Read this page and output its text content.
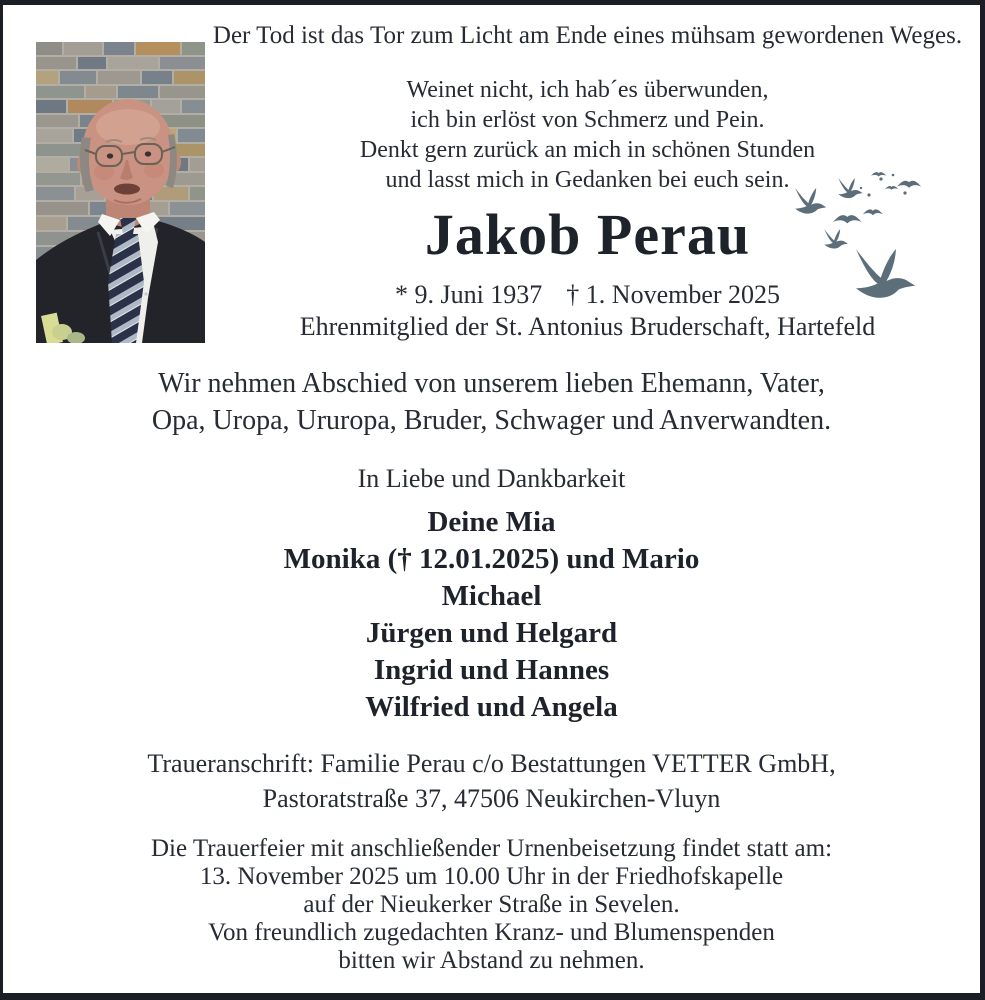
Der Tod ist das Tor zum Licht am Ende eines mühsam gewordenen Weges.
Weinet nicht, ich hab´es überwunden,
ich bin erlöst von Schmerz und Pein.
Denkt gern zurück an mich in schönen Stunden
und lasst mich in Gedanken bei euch sein.
Jakob Perau
* 9. Juni 1937 † 1. November 2025
Ehrenmitglied der St. Antonius Bruderschaft, Hartefeld
Wir nehmen Abschied von unserem lieben Ehemann, Vater,
Opa, Uropa, Ururopa, Bruder, Schwager und Anverwandten.
In Liebe und Dankbarkeit
Deine Mia
Monika († 12.01.2025) und Mario
Michael
Jürgen und Helgard
Ingrid und Hannes
Wilfried und Angela
Traueranschrift: Familie Perau c/o Bestattungen VETTER GmbH,
Pastoratstraße 37, 47506 Neukirchen-Vluyn
Die Trauerfeier mit anschließender Urnenbeisetzung findet statt am:
13. November 2025 um 10.00 Uhr in der Friedhofskapelle
auf der Nieukerker Straße in Sevelen.
Von freundlich zugedachten Kranz- und Blumenspenden
bitten wir Abstand zu nehmen.
